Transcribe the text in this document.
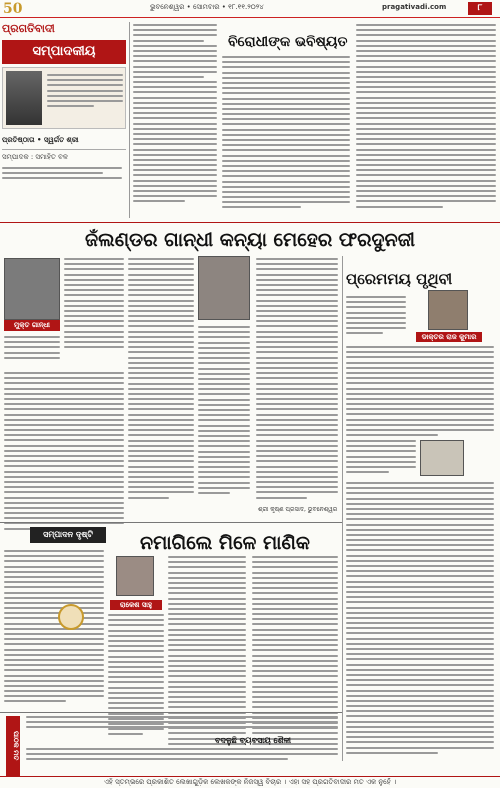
50	ଭୁବନେଶ୍ୱର • ସୋମବାର • ୧୮.୧୧.୨୦୨୪	pragativadi.com	୮
ପ୍ରଗତିବାଦୀ
ସମ୍ପାଦକୀୟ
ପ୍ରତିଷ୍ଠାତା • ସ୍ୱର୍ଗତ ଶ୍ରୀ
ସମ୍ପାଦକ : ସମାହିତ ବଳ
ବିରୋଧୀଙ୍କ ଭବିଷ୍ୟତ
ଜଁଲଣ୍ଡର ଗାନ୍ଧୀ କନ୍ୟା ମେହେର ଫରଦୁନଜୀ
ମୁକ୍ତ ଗାନ୍ଧୀ
ଶ୍ରୀ କୃଷ୍ଣ ପ୍ରସାଦ, ଭୁବନେଶ୍ୱର
ପ୍ରେମମୟ ପୃଥିବୀ
ଡାକ୍ତର ରାଜ କୁମାର
ସମ୍ପାଦନ ଦୃଷ୍ଟି	ନମାଗିଲେ ମିଳେ ମାଣିକ
ରାକେଶ ସାହୁ
ପାଠକ ମତ	ବଦଳୁଛି ବ୍ୟବସାୟ ଶୈଳୀ
ଏହି ସ୍ତମ୍ଭରେ ପ୍ରକାଶିତ ଲେଖାଗୁଡ଼ିକ ଲେଖକଙ୍କ ନିଜସ୍ୱ ବିଚାର । ଏହା ସହ ପ୍ରଗତିବାଦୀର ମତ ଏକ ନୁହେଁ ।
